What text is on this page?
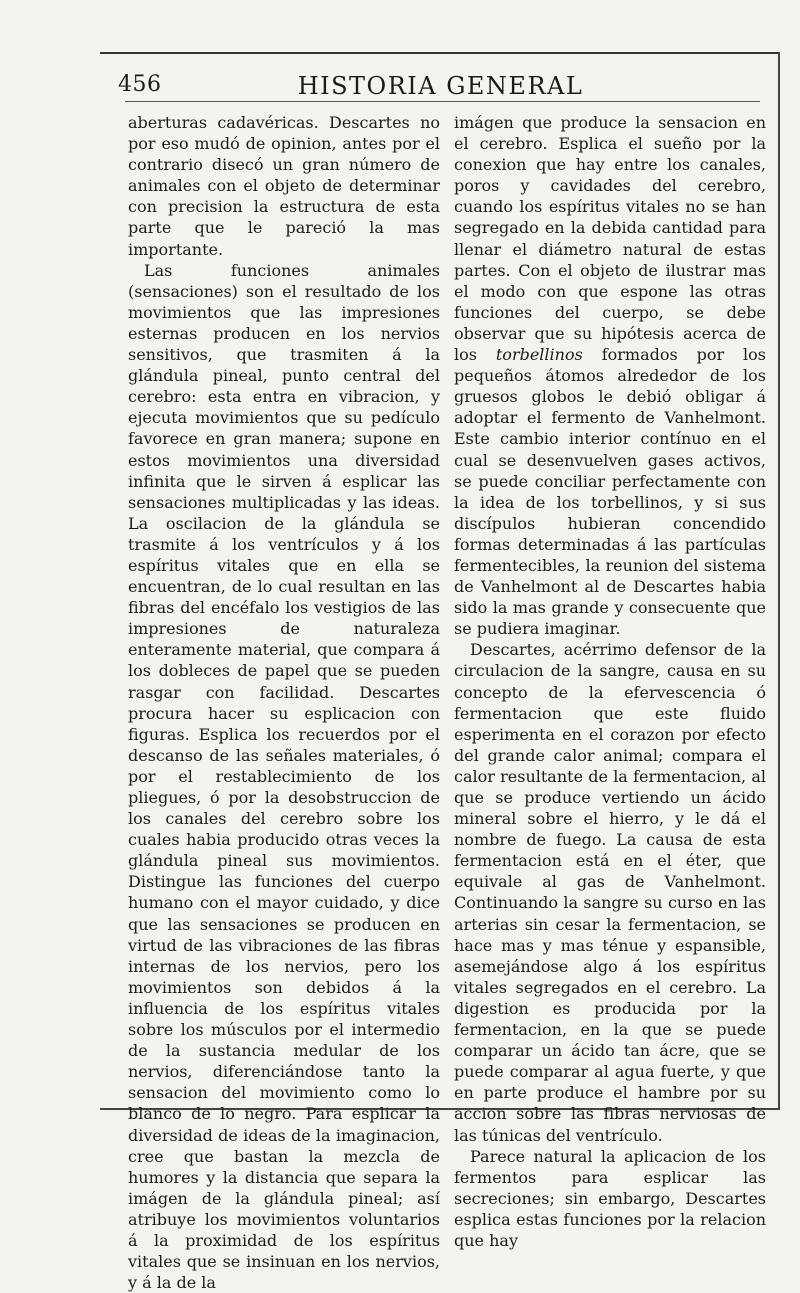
456	HISTORIA GENERAL

aberturas cadavéricas. Descartes no por eso mudó de opinion, antes por el contrario disecó un gran número de animales con el objeto de determinar con precision la estructura de esta parte que le pareció la mas importante.

Las funciones animales (sensaciones) son el resultado de los movimientos que las impresiones esternas producen en los nervios sensitivos, que trasmiten á la glándula pineal, punto central del cerebro: esta entra en vibracion, y ejecuta movimientos que su pedículo favorece en gran manera; supone en estos movimientos una diversidad infinita que le sirven á esplicar las sensaciones multiplicadas y las ideas. La oscilacion de la glándula se trasmite á los ventrículos y á los espíritus vitales que en ella se encuentran, de lo cual resultan en las fibras del encéfalo los vestigios de las impresiones de naturaleza enteramente material, que compara á los dobleces de papel que se pueden rasgar con facilidad. Descartes procura hacer su esplicacion con figuras. Esplica los recuerdos por el descanso de las señales materiales, ó por el restablecimiento de los pliegues, ó por la desobstruccion de los canales del cerebro sobre los cuales habia producido otras veces la glándula pineal sus movimientos. Distingue las funciones del cuerpo humano con el mayor cuidado, y dice que las sensaciones se producen en virtud de las vibraciones de las fibras internas de los nervios, pero los movimientos son debidos á la influencia de los espíritus vitales sobre los músculos por el intermedio de la sustancia medular de los nervios, diferenciándose tanto la sensacion del movimiento como lo blanco de lo negro. Para esplicar la diversidad de ideas de la imaginacion, cree que bastan la mezcla de humores y la distancia que separa la imágen de la glándula pineal; así atribuye los movimientos voluntarios á la proximidad de los espíritus vitales que se insinuan en los nervios, y á la de la

imágen que produce la sensacion en el cerebro. Esplica el sueño por la conexion que hay entre los canales, poros y cavidades del cerebro, cuando los espíritus vitales no se han segregado en la debida cantidad para llenar el diámetro natural de estas partes. Con el objeto de ilustrar mas el modo con que espone las otras funciones del cuerpo, se debe observar que su hipótesis acerca de los torbellinos formados por los pequeños átomos alrededor de los gruesos globos le debió obligar á adoptar el fermento de Vanhelmont. Este cambio interior contínuo en el cual se desenvuelven gases activos, se puede conciliar perfectamente con la idea de los torbellinos, y si sus discípulos hubieran concendido formas determinadas á las partículas fermentecibles, la reunion del sistema de Vanhelmont al de Descartes habia sido la mas grande y consecuente que se pudiera imaginar.

Descartes, acérrimo defensor de la circulacion de la sangre, causa en su concepto de la efervescencia ó fermentacion que este fluido esperimenta en el corazon por efecto del grande calor animal; compara el calor resultante de la fermentacion, al que se produce vertiendo un ácido mineral sobre el hierro, y le dá el nombre de fuego. La causa de esta fermentacion está en el éter, que equivale al gas de Vanhelmont. Continuando la sangre su curso en las arterias sin cesar la fermentacion, se hace mas y mas ténue y espansible, asemejándose algo á los espíritus vitales segregados en el cerebro. La digestion es producida por la fermentacion, en la que se puede comparar un ácido tan ácre, que se puede comparar al agua fuerte, y que en parte produce el hambre por su accion sobre las fibras nerviosas de las túnicas del ventrículo.

Parece natural la aplicacion de los fermentos para esplicar las secreciones; sin embargo, Descartes esplica estas funciones por la relacion que hay
